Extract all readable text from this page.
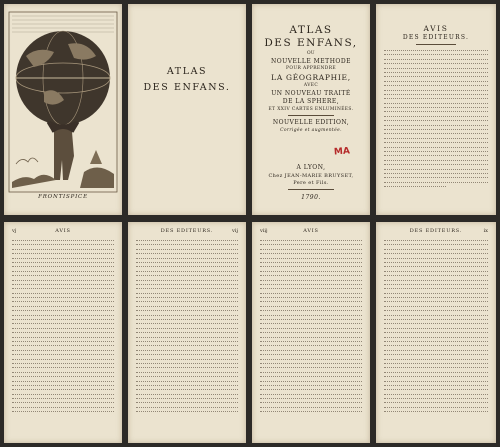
FRONTISPICE
ATLAS
DES ENFANS.
ATLAS
DES ENFANS,
OU
NOUVELLE METHODE
POUR APPRENDRE
LA GÉOGRAPHIE,
AVEC
UN NOUVEAU TRAITÉ
DE LA SPHERE,
ET XXIV CARTES ENLUMINÉES.
NOUVELLE EDITION,
Corrigée et augmentée.
MA
A LYON,
Chez JEAN-MARIE BRUYSET,
Pere et Fils.
1790.
AVIS
DES EDITEURS.
vj	AVIS	DES EDITEURS.	vij	viij	AVIS	DES EDITEURS.	ix
